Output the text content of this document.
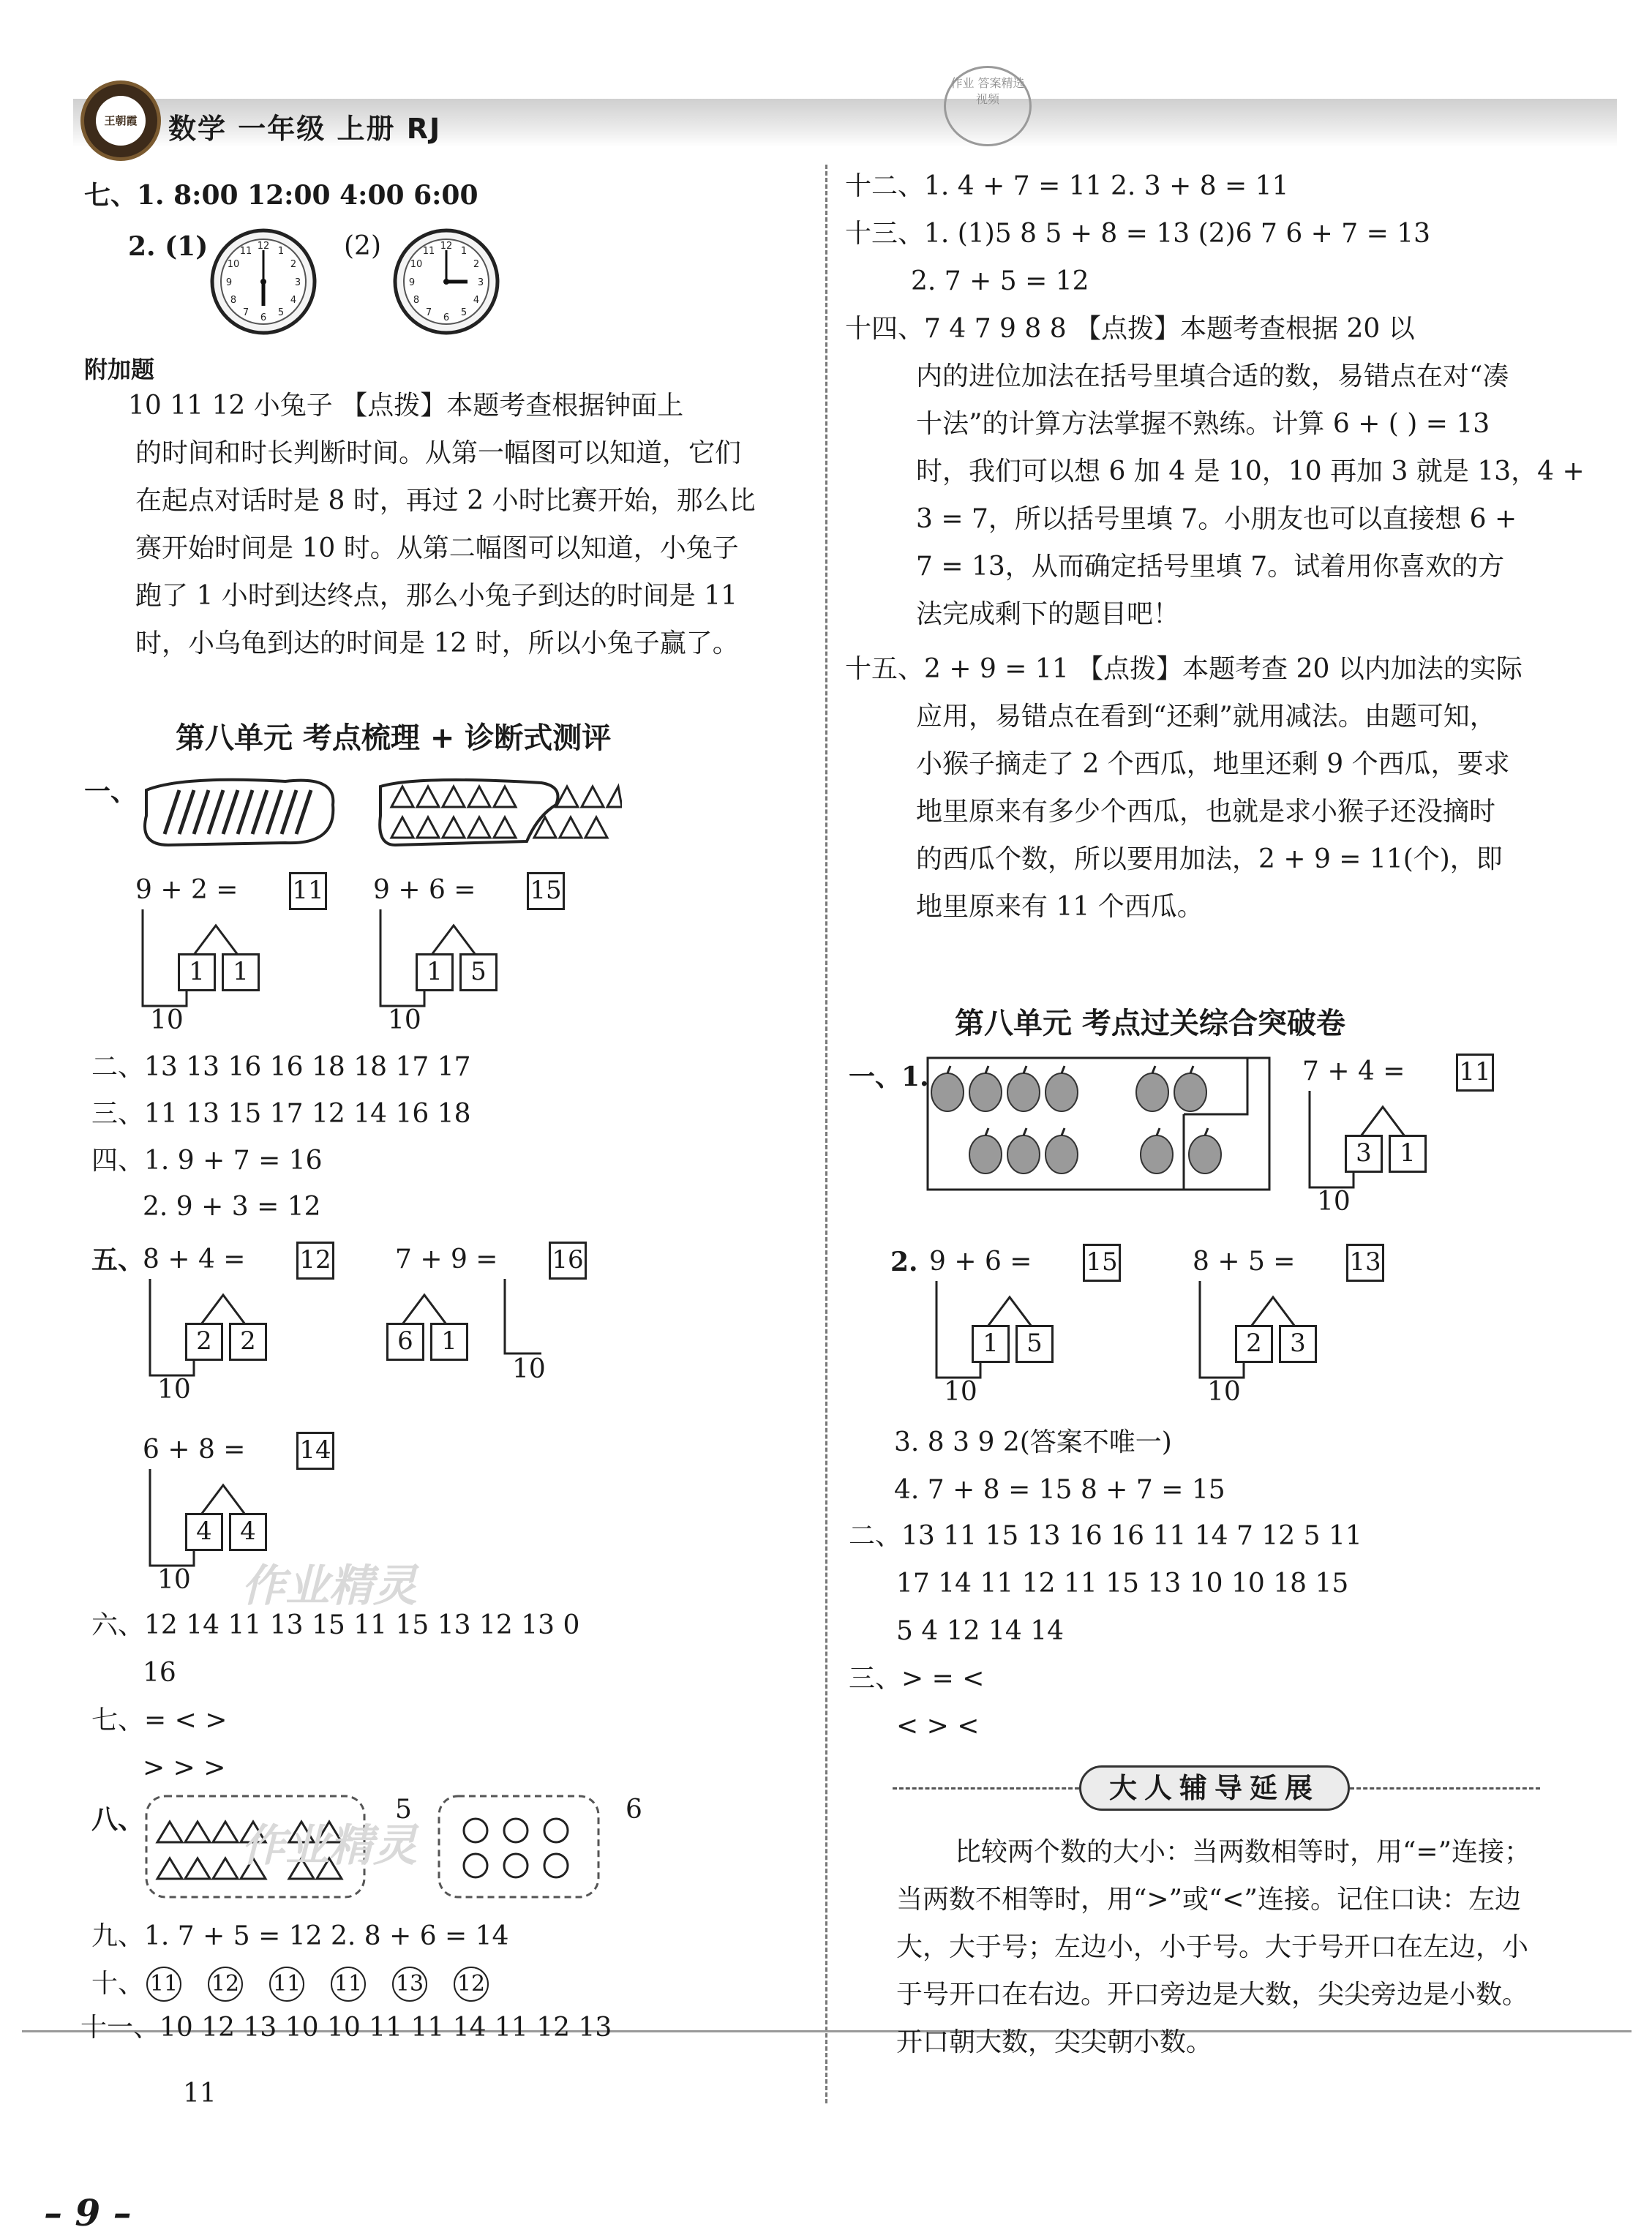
王朝霞	数学 一年级 上册 RJ
作业 答案精选 视频
七、1. 8:00 12:00 4:00 6:00
2. (1)	(2)
12 1
2
3
4
5
6
7
8
9
10
11	12 1
2
3
4
5
6
7
8
9
10
11
附加题
10 11 12 小兔子 【点拨】本题考查根据钟面上
的时间和时长判断时间。从第一幅图可以知道，它们
在起点对话时是 8 时，再过 2 小时比赛开始，那么比
赛开始时间是 10 时。从第二幅图可以知道，小兔子
跑了 1 小时到达终点，那么小兔子到达的时间是 11
时，小乌龟到达的时间是 12 时，所以小兔子赢了。
第八单元 考点梳理 + 诊断式测评
一、
9 + 2 = 11
1	1
10
9 + 6 = 15
1	5
10
二、13 13 16 16 18 18 17 17
三、11 13 15 17 12 14 16 18
四、1. 9 + 7 = 16
2. 9 + 3 = 12
五、
8 + 4 = 12
2	2
10
7 + 9 = 16
6	1
10
6 + 8 = 14
4	4
10 作业精灵
六、12 14 11 13 15 11 15 13 12 13 0
16
七、= < >
> > >
八、	5	6
作业精灵
九、1. 7 + 5 = 12 2. 8 + 6 = 14
十、 11 12 11 11 13 12
十一、10 12 13 10 10 11 11 14 11 12 13
11
– 9 –
十二、1. 4 + 7 = 11 2. 3 + 8 = 11
十三、1. (1)5 8 5 + 8 = 13 (2)6 7 6 + 7 = 13
2. 7 + 5 = 12
十四、7 4 7 9 8 8 【点拨】本题考查根据 20 以
内的进位加法在括号里填合适的数，易错点在对“凑
十法”的计算方法掌握不熟练。计算 6 + ( ) = 13
时，我们可以想 6 加 4 是 10，10 再加 3 就是 13，4 +
3 = 7，所以括号里填 7。小朋友也可以直接想 6 +
7 = 13，从而确定括号里填 7。试着用你喜欢的方
法完成剩下的题目吧！
十五、2 + 9 = 11 【点拨】本题考查 20 以内加法的实际
应用，易错点在看到“还剩”就用减法。由题可知，
小猴子摘走了 2 个西瓜，地里还剩 9 个西瓜，要求
地里原来有多少个西瓜，也就是求小猴子还没摘时
的西瓜个数，所以要用加法，2 + 9 = 11(个)，即
地里原来有 11 个西瓜。
第八单元 考点过关综合突破卷
一、1.	7 + 4 = 11
3	1
10
2. 9 + 6 = 15
1	5
10
8 + 5 = 13
2	3
10
3. 8 3 9 2(答案不唯一)
4. 7 + 8 = 15 8 + 7 = 15
二、13 11 15 13 16 16 11 14 7 12 5 11
17 14 11 12 11 15 13 10 10 18 15
5 4 12 14 14
三、> = <
< > <
大人辅导延展
比较两个数的大小：当两数相等时，用“=”连接；
当两数不相等时，用“>”或“<”连接。记住口诀：左边
大，大于号；左边小，小于号。大于号开口在左边，小
于号开口在右边。开口旁边是大数，尖尖旁边是小数。
开口朝大数，尖尖朝小数。
